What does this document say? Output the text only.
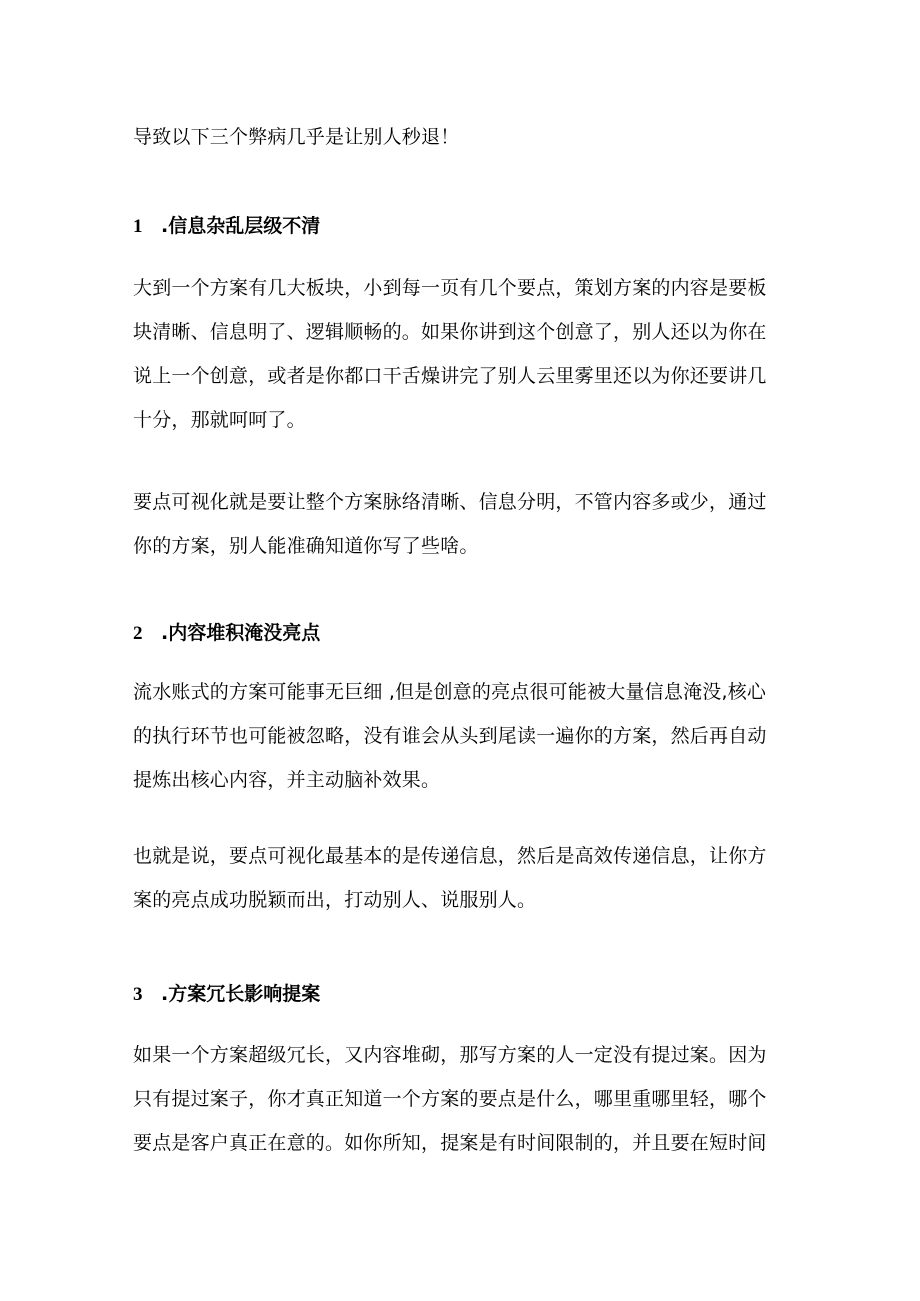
导致以下三个弊病几乎是让别人秒退！

1 .信息杂乱层级不清

大到一个方案有几大板块，小到每一页有几个要点，策划方案的内容是要板
块清晰、信息明了、逻辑顺畅的。如果你讲到这个创意了，别人还以为你在
说上一个创意，或者是你都口干舌燥讲完了别人云里雾里还以为你还要讲几
十分，那就呵呵了。

要点可视化就是要让整个方案脉络清晰、信息分明，不管内容多或少，通过
你的方案，别人能准确知道你写了些啥。

2 .内容堆积淹没亮点

流水账式的方案可能事无巨细 ,但是创意的亮点很可能被大量信息淹没,核心
的执行环节也可能被忽略，没有谁会从头到尾读一遍你的方案，然后再自动
提炼出核心内容，并主动脑补效果。

也就是说，要点可视化最基本的是传递信息，然后是高效传递信息，让你方
案的亮点成功脱颖而出，打动别人、说服别人。

3 .方案冗长影响提案

如果一个方案超级冗长，又内容堆砌，那写方案的人一定没有提过案。因为
只有提过案子，你才真正知道一个方案的要点是什么，哪里重哪里轻，哪个
要点是客户真正在意的。如你所知，提案是有时间限制的，并且要在短时间
